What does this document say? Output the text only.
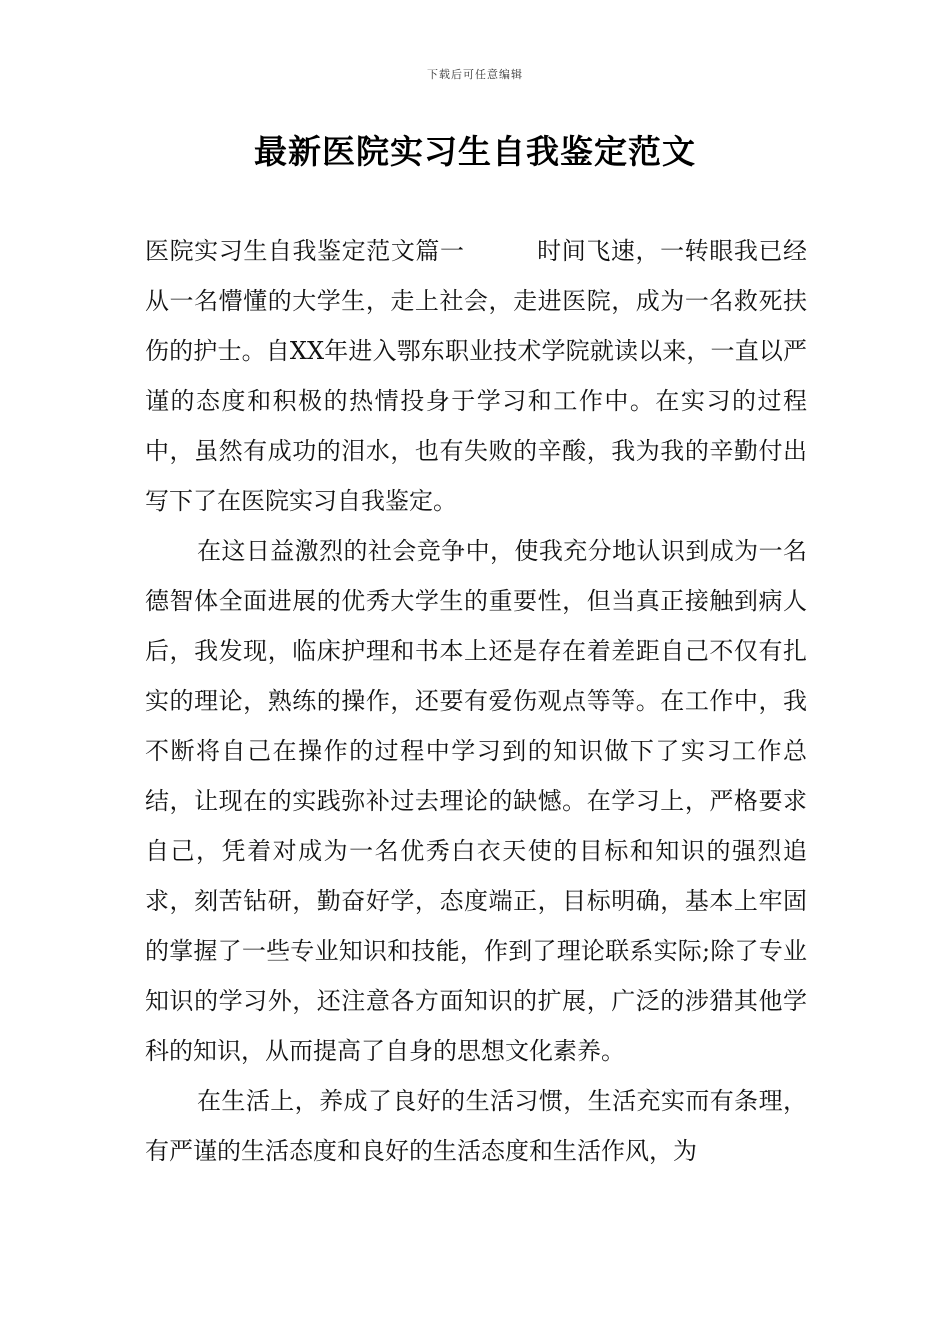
下载后可任意编辑
最新医院实习生自我鉴定范文

医院实习生自我鉴定范文篇一	时间飞速，一转眼我已经从一名懵懂的大学生，走上社会，走进医院，成为一名救死扶伤的护士。自XX年进入鄂东职业技术学院就读以来，一直以严谨的态度和积极的热情投身于学习和工作中。在实习的过程中，虽然有成功的泪水，也有失败的辛酸，我为我的辛勤付出写下了在医院实习自我鉴定。

在这日益激烈的社会竞争中，使我充分地认识到成为一名德智体全面进展的优秀大学生的重要性，但当真正接触到病人后，我发现，临床护理和书本上还是存在着差距自己不仅有扎实的理论，熟练的操作，还要有爱伤观点等等。在工作中，我不断将自己在操作的过程中学习到的知识做下了实习工作总结，让现在的实践弥补过去理论的缺憾。在学习上，严格要求自己，凭着对成为一名优秀白衣天使的目标和知识的强烈追求，刻苦钻研，勤奋好学，态度端正，目标明确，基本上牢固的掌握了一些专业知识和技能，作到了理论联系实际;除了专业知识的学习外，还注意各方面知识的扩展，广泛的涉猎其他学科的知识，从而提高了自身的思想文化素养。

在生活上，养成了良好的生活习惯，生活充实而有条理，有严谨的生活态度和良好的生活态度和生活作风，为
